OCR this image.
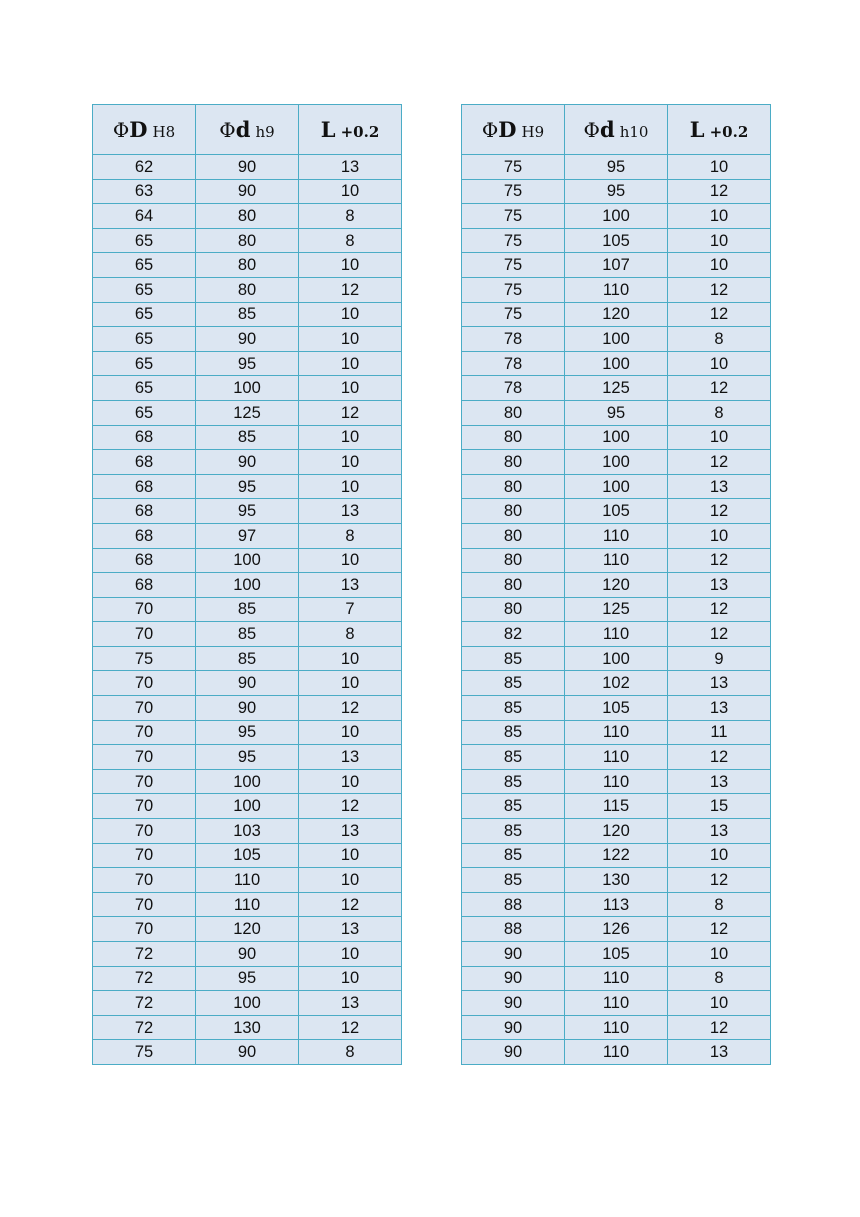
ΦD H8	Φd h9	L +0.2
62	90	13
63	90	10
64	80	8
65	80	8
65	80	10
65	80	12
65	85	10
65	90	10
65	95	10
65	100	10
65	125	12
68	85	10
68	90	10
68	95	10
68	95	13
68	97	8
68	100	10
68	100	13
70	85	7
70	85	8
75	85	10
70	90	10
70	90	12
70	95	10
70	95	13
70	100	10
70	100	12
70	103	13
70	105	10
70	110	10
70	110	12
70	120	13
72	90	10
72	95	10
72	100	13
72	130	12
75	90	8
ΦD H9	Φd h10	L +0.2
75	95	10
75	95	12
75	100	10
75	105	10
75	107	10
75	110	12
75	120	12
78	100	8
78	100	10
78	125	12
80	95	8
80	100	10
80	100	12
80	100	13
80	105	12
80	110	10
80	110	12
80	120	13
80	125	12
82	110	12
85	100	9
85	102	13
85	105	13
85	110	11
85	110	12
85	110	13
85	115	15
85	120	13
85	122	10
85	130	12
88	113	8
88	126	12
90	105	10
90	110	8
90	110	10
90	110	12
90	110	13
